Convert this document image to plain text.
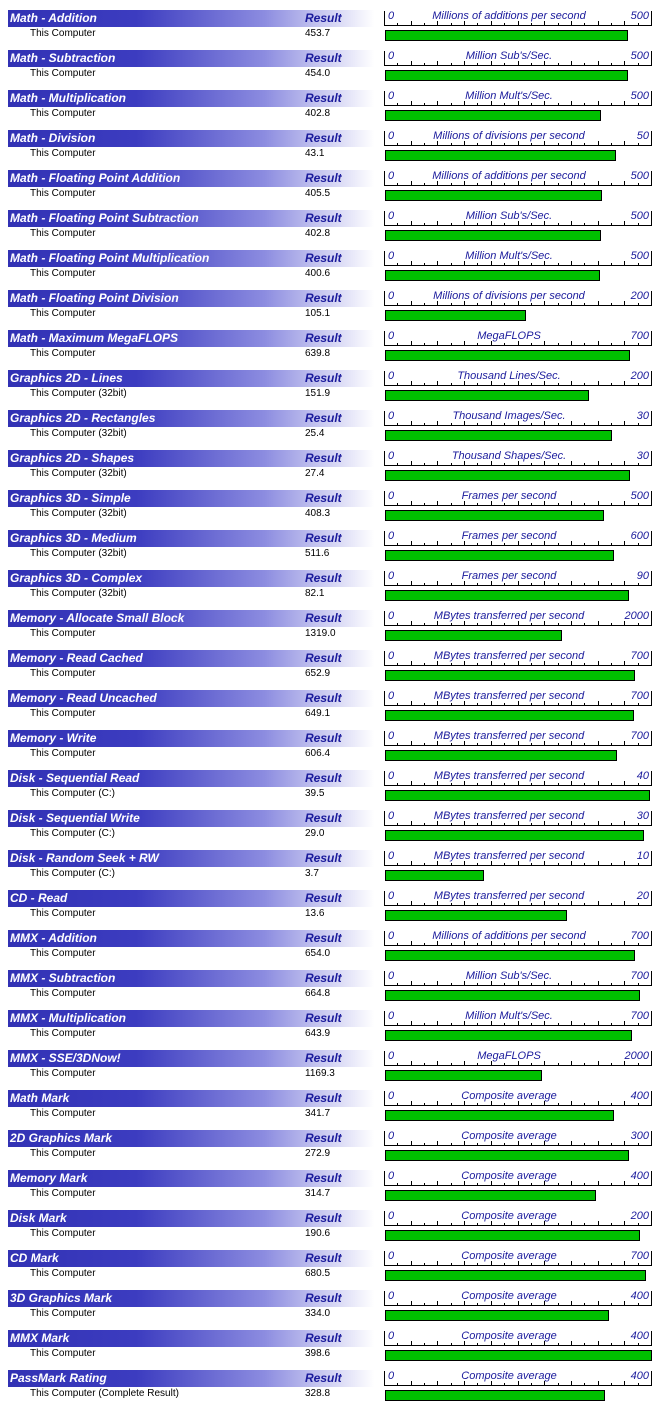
Math - Addition	Result
This Computer	453.7
0	Millions of additions per second	500
Math - Subtraction	Result
This Computer	454.0
0	Million Sub's/Sec.	500
Math - Multiplication	Result
This Computer	402.8
0	Million Mult's/Sec.	500
Math - Division	Result
This Computer	43.1
0	Millions of divisions per second	50
Math - Floating Point Addition	Result
This Computer	405.5
0	Millions of additions per second	500
Math - Floating Point Subtraction	Result
This Computer	402.8
0	Million Sub's/Sec.	500
Math - Floating Point Multiplication	Result
This Computer	400.6
0	Million Mult's/Sec.	500
Math - Floating Point Division	Result
This Computer	105.1
0	Millions of divisions per second	200
Math - Maximum MegaFLOPS	Result
This Computer	639.8
0	MegaFLOPS	700
Graphics 2D - Lines	Result
This Computer (32bit)	151.9
0	Thousand Lines/Sec.	200
Graphics 2D - Rectangles	Result
This Computer (32bit)	25.4
0	Thousand Images/Sec.	30
Graphics 2D - Shapes	Result
This Computer (32bit)	27.4
0	Thousand Shapes/Sec.	30
Graphics 3D - Simple	Result
This Computer (32bit)	408.3
0	Frames per second	500
Graphics 3D - Medium	Result
This Computer (32bit)	511.6
0	Frames per second	600
Graphics 3D - Complex	Result
This Computer (32bit)	82.1
0	Frames per second	90
Memory - Allocate Small Block	Result
This Computer	1319.0
0	MBytes transferred per second	2000
Memory - Read Cached	Result
This Computer	652.9
0	MBytes transferred per second	700
Memory - Read Uncached	Result
This Computer	649.1
0	MBytes transferred per second	700
Memory - Write	Result
This Computer	606.4
0	MBytes transferred per second	700
Disk - Sequential Read	Result
This Computer (C:)	39.5
0	MBytes transferred per second	40
Disk - Sequential Write	Result
This Computer (C:)	29.0
0	MBytes transferred per second	30
Disk - Random Seek + RW	Result
This Computer (C:)	3.7
0	MBytes transferred per second	10
CD - Read	Result
This Computer	13.6
0	MBytes transferred per second	20
MMX - Addition	Result
This Computer	654.0
0	Millions of additions per second	700
MMX - Subtraction	Result
This Computer	664.8
0	Million Sub's/Sec.	700
MMX - Multiplication	Result
This Computer	643.9
0	Million Mult's/Sec.	700
MMX - SSE/3DNow!	Result
This Computer	1169.3
0	MegaFLOPS	2000
Math Mark	Result
This Computer	341.7
0	Composite average	400
2D Graphics Mark	Result
This Computer	272.9
0	Composite average	300
Memory Mark	Result
This Computer	314.7
0	Composite average	400
Disk Mark	Result
This Computer	190.6
0	Composite average	200
CD Mark	Result
This Computer	680.5
0	Composite average	700
3D Graphics Mark	Result
This Computer	334.0
0	Composite average	400
MMX Mark	Result
This Computer	398.6
0	Composite average	400
PassMark Rating	Result
This Computer (Complete Result)	328.8
0	Composite average	400
